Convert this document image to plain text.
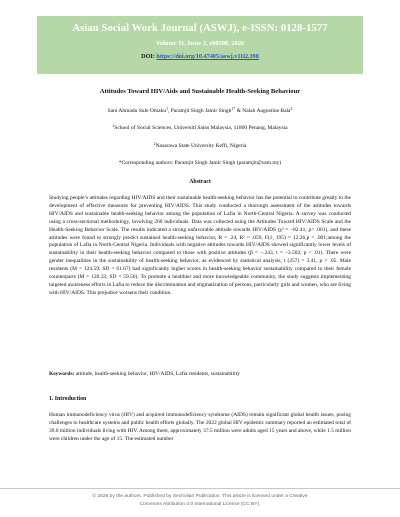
Asian Social Work Journal (ASWJ), e-ISSN: 0128-1577
Volume 11, Issue 2, e00398, 2026
DOI: https://doi.org/10.47405/aswj.v11i2.398
Attitudes Toward HIV/Aids and Sustainable Health-Seeking Behaviour
Sani Ahmadu Sule Omaku$^1$, Paramjit Singh Jamir Singh$^{1*}$ & Nalah Augustine Bala$^2$
$^1$School of Social Sciences, Universiti Sains Malaysia, 11800 Penang, Malaysia
$^2$Nasarawa State University Keffi, Nigeria
*Corresponding authors: Paramjit Singh Jamir Singh (paramjit@usm.my)
Abstract
Studying people’s attitudes regarding HIV/AIDS and their sustainable health-seeking behavior has the potential to contribute greatly to the development of effective measures for preventing HIV/AIDS. This study conducted a thorough assessment of the attitudes towards HIV/AIDS and sustainable health-seeking behavior among the population of Lafia in North-Central Nigeria. A survey was conducted using a cross-sectional methodology, involving 260 individuals. Data was collected using the Attitudes Toward HIV/AIDS Scale and the Health-Seeking Behavior Scale. The results indicated a strong unfavorable attitude towards HIV/AIDS (χ² = −82.41; p< .001), and these attitudes were found to strongly predict sustained health-seeking behavior, R = .24, R² = .059, F(1, 195) = 12.26,p < .001;among the population of Lafia in North-Central Nigeria. Individuals with negative attitudes towards HIV/AIDS showed significantly lower levels of sustainability in their health-seeking behavior compared to those with positive attitudes (β = −.243, t = −3.502; p < .01). There were gender inequalities in the sustainability of health-seeking behavior, as evidenced by statistical analysis, t (257) = 3.41, p < .05. Male residents (M = 124.59; SD = 61.67) had significantly higher scores in health-seeking behavior sustainability compared to their female counterparts (M = 120.33; SD = 59.56). To promote a healthier and more knowledgeable community, the study suggests implementing targeted awareness efforts in Lafia to reduce the discrimination and stigmatization of persons, particularly girls and women, who are living with HIV/AIDS. This prejudice worsens their condition.
Keywords: attitude, health-seeking behavior, HIV/AIDS, Lafia residents, sustainability
1. Introduction
Human immunodeficiency virus (HIV) and acquired immunodeficiency syndrome (AIDS) remain significant global health issues, posing challenges to healthcare systems and public health efforts globally. The 2022 global HIV epidemic summary reported an estimated total of 39.0 million individuals living with HIV. Among them, approximately 37.5 million were adults aged 15 years and above, while 1.5 million were children under the age of 15. The estimated number
© 2026 by the authors. Published by Secholian Publication. This article is licensed under a Creative
Commons Attribution 4.0 International License (CC BY).
